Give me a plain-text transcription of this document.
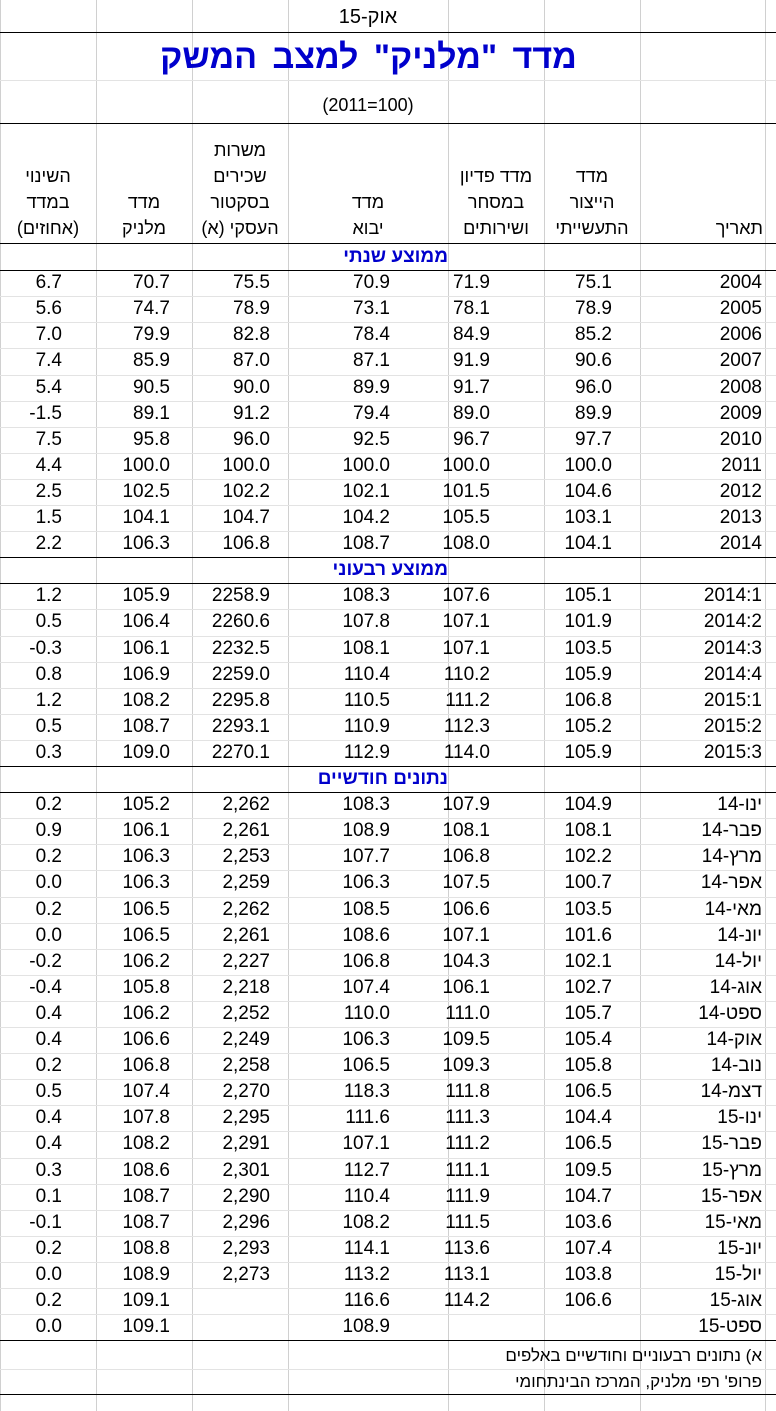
אוק-15
מדד "מלניק" למצב המשק
(2011=100)
תאריך
מדד
הייצור
התעשייתי
מדד פדיון
במסחר
ושירותים
מדד
יבוא
משרות
שכירים
בסקטור
העסקי (א)
מדד
מלניק
השינוי
במדד
(אחוזים)
ממוצע שנתי
2004
75.1
71.9
70.9
75.5
70.7
6.7
2005
78.9
78.1
73.1
78.9
74.7
5.6
2006
85.2
84.9
78.4
82.8
79.9
7.0
2007
90.6
91.9
87.1
87.0
85.9
7.4
2008
96.0
91.7
89.9
90.0
90.5
5.4
2009
89.9
89.0
79.4
91.2
89.1
-1.5
2010
97.7
96.7
92.5
96.0
95.8
7.5
2011
100.0
100.0
100.0
100.0
100.0
4.4
2012
104.6
101.5
102.1
102.2
102.5
2.5
2013
103.1
105.5
104.2
104.7
104.1
1.5
2014
104.1
108.0
108.7
106.8
106.3
2.2
ממוצע רבעוני
2014:1
105.1
107.6
108.3
2258.9
105.9
1.2
2014:2
101.9
107.1
107.8
2260.6
106.4
0.5
2014:3
103.5
107.1
108.1
2232.5
106.1
-0.3
2014:4
105.9
110.2
110.4
2259.0
106.9
0.8
2015:1
106.8
111.2
110.5
2295.8
108.2
1.2
2015:2
105.2
112.3
110.9
2293.1
108.7
0.5
2015:3
105.9
114.0
112.9
2270.1
109.0
0.3
נתונים חודשיים
ינו-14
104.9
107.9
108.3
2,262
105.2
0.2
פבר-14
108.1
108.1
108.9
2,261
106.1
0.9
מרץ-14
102.2
106.8
107.7
2,253
106.3
0.2
אפר-14
100.7
107.5
106.3
2,259
106.3
0.0
מאי-14
103.5
106.6
108.5
2,262
106.5
0.2
יונ-14
101.6
107.1
108.6
2,261
106.5
0.0
יול-14
102.1
104.3
106.8
2,227
106.2
-0.2
אוג-14
102.7
106.1
107.4
2,218
105.8
-0.4
ספט-14
105.7
111.0
110.0
2,252
106.2
0.4
אוק-14
105.4
109.5
106.3
2,249
106.6
0.4
נוב-14
105.8
109.3
106.5
2,258
106.8
0.2
דצמ-14
106.5
111.8
118.3
2,270
107.4
0.5
ינו-15
104.4
111.3
111.6
2,295
107.8
0.4
פבר-15
106.5
111.2
107.1
2,291
108.2
0.4
מרץ-15
109.5
111.1
112.7
2,301
108.6
0.3
אפר-15
104.7
111.9
110.4
2,290
108.7
0.1
מאי-15
103.6
111.5
108.2
2,296
108.7
-0.1
יונ-15
107.4
113.6
114.1
2,293
108.8
0.2
יול-15
103.8
113.1
113.2
2,273
108.9
0.0
אוג-15
106.6
114.2
116.6
109.1
0.2
ספט-15
108.9
109.1
0.0
א) נתונים רבעוניים וחודשיים באלפים
פרופ' רפי מלניק, המרכז הבינתחומי
